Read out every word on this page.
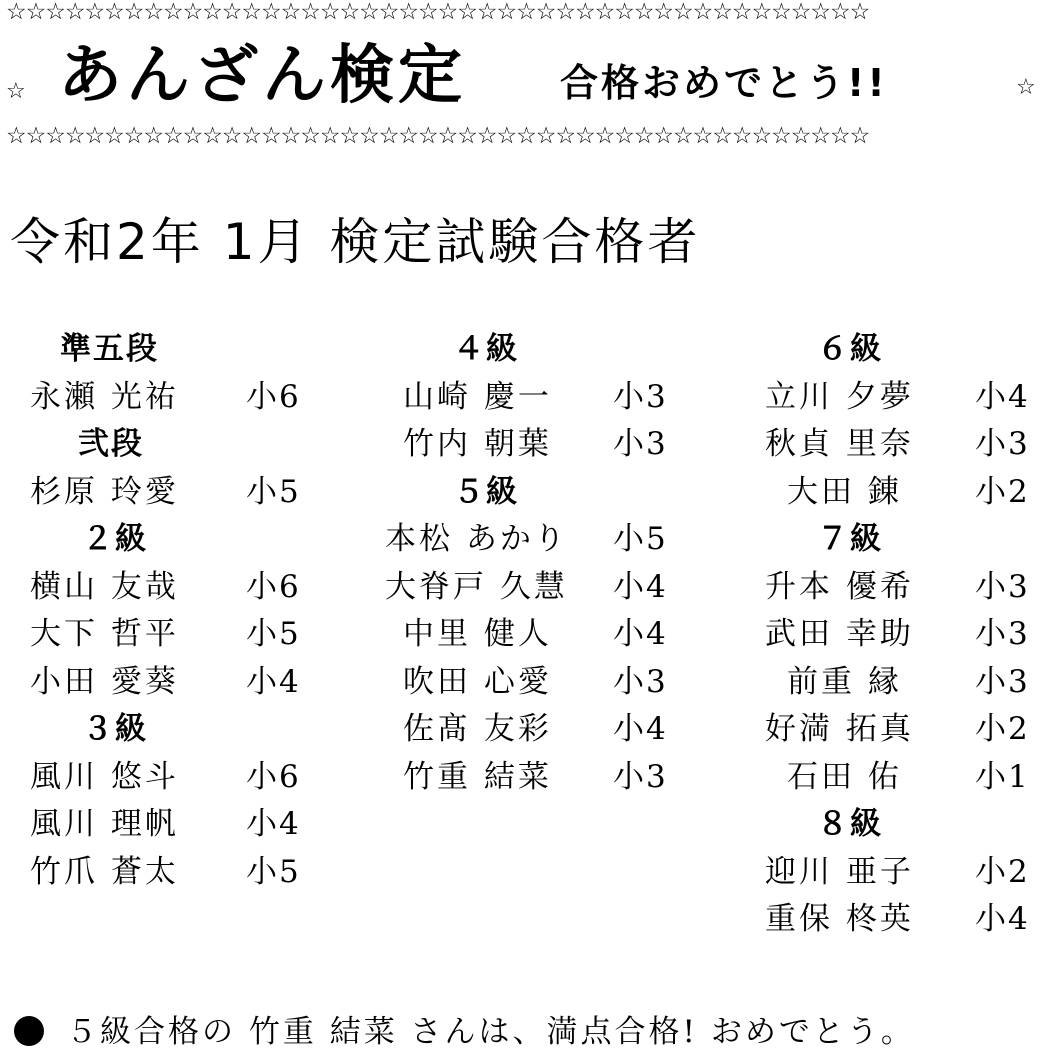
☆☆☆☆☆☆☆☆☆☆☆☆☆☆☆☆☆☆☆☆☆☆☆☆☆☆☆☆☆☆☆☆☆☆☆☆☆☆☆☆☆☆☆☆
☆ あんざん検定 合格おめでとう!!	☆
☆☆☆☆☆☆☆☆☆☆☆☆☆☆☆☆☆☆☆☆☆☆☆☆☆☆☆☆☆☆☆☆☆☆☆☆☆☆☆☆☆☆☆☆
令和2年 1月 検定試験合格者
準五段
永瀬 光祐 小6
弐段
杉原 玲愛 小5
２級
横山 友哉 小6
大下 哲平 小5
小田 愛葵 小4
３級
風川 悠斗 小6
風川 理帆 小4
竹爪 蒼太 小5
４級
山崎 慶一 小3
竹内 朝葉 小3
５級
本松 あかり 小5
大脊戸 久慧 小4
中里 健人 小4
吹田 心愛 小3
佐髙 友彩 小4
竹重 結菜 小3
６級
立川 夕夢 小4
秋貞 里奈 小3
大田 錬 小2
７級
升本 優希 小3
武田 幸助 小3
前重 縁 小3
好満 拓真 小2
石田 佑 小1
８級
迎川 亜子 小2
重保 柊英 小4
５級合格の 竹重 結菜 さんは、満点合格! おめでとう。
